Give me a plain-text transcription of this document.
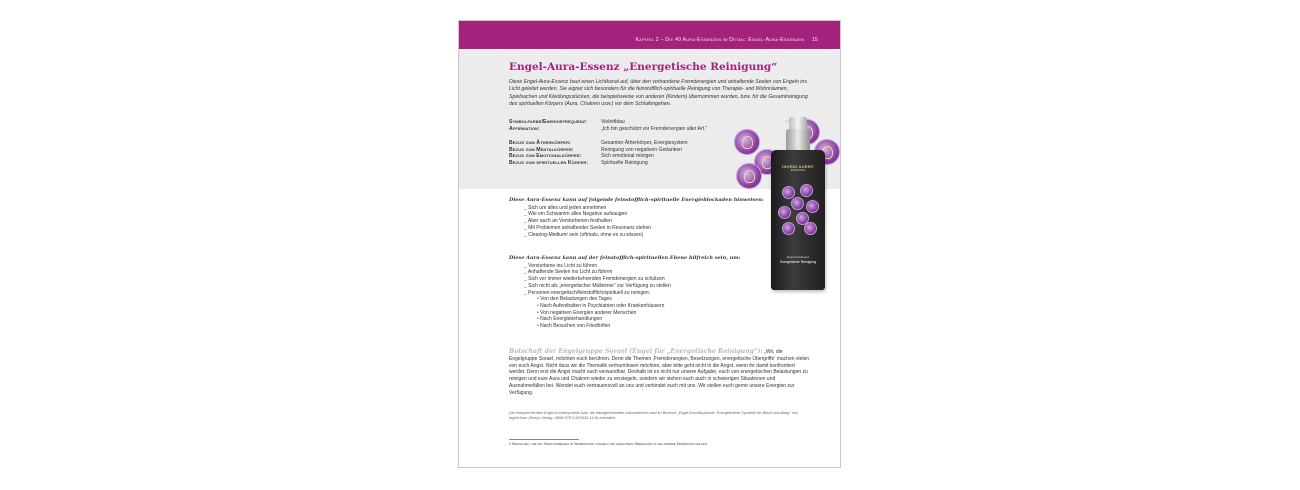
Kapitel 2 – Die 40 Aura-Essenzen im Detail: Engel-Aura-Essenzen 15
Engel-Aura-Essenz „Energetische Reinigung“
Diese Engel-Aura-Essenz baut einen Lichtkanal auf, über den vorhandene Fremdenergien und anhaftende Seelen von Engeln ins Licht geleitet werden. Sie eignet sich besonders für die feinstofflich-spirituelle Reinigung von Therapie- und Wohnräumen, Spielsachen und Kleidungsstücken, die beispielsweise von anderen (Kindern) übernommen wurden, bzw. für die Gesamtreinigung des spirituellen Körpers (Aura, Chakren usw.) vor dem Schlafengehen.
Symbolfarbe/Energiefrequenz:	Violettblau
Affirmation:	„Ich bin geschützt vor Fremdenergien aller Art.“
Bezug zum Ätherkörper:	Gesamter Ätherkörper, Energiesystem
Bezug zum Mentalkörper:	Reinigung von negativen Gedanken
Bezug zum Emotionalkörper:	Sich emotional reinigen
Bezug zum spirituellen Körper:	Spirituelle Reinigung
INGRID AUER®
ESSENCES
Engel-Aura-Essenz
Energetische Reinigung
Diese Aura-Essenz kann auf folgende feinstofflich-spirituelle Energieblockaden hinweisen:
_ Sich um alles und jeden annehmen
_ Wie ein Schwamm alles Negative aufsaugen
_ Aber auch an Verstorbenen festhalten
_ Mit Problemen anhaftender Seelen in Resonanz stehen
_ Clearing-Medium² sein (oftmals, ohne es zu wissen)
Diese Aura-Essenz kann auf der feinstofflich-spirituellen Ebene hilfreich sein, um:
_ Verstorbene ins Licht zu führen
_ Anhaftende Seelen ins Licht zu führen
_ Sich vor immer wiederkehrenden Fremdenergien zu schützen
_ Sich nicht als „energetischer Mülleimer“ zur Verfügung zu stellen
_ Personen energetisch/feinstofflich/spirituell zu reinigen:
• Von den Belastungen des Tages
• Nach Aufenthalten in Psychiatrien oder Krankenhäusern
• Von negativen Energien anderer Menschen
• Nach Energiebehandlungen
• Nach Besuchen von Friedhöfen
Botschaft der Engelgruppe Sorael (Engel für „Energetische Reinigung“): „Wir, die Engelgruppe Sorael, möchten euch berühren. Denn die Themen ‚Fremdenergien, Besetzungen, energetische Übergriffe‘ machen vielen von euch Angst. Nicht dass wir die Thematik verharmlosen möchten, aber bitte geht nicht in die Angst, wenn ihr damit konfrontiert werdet. Denn erst die Angst macht euch verwundbar. Deshalb ist es nicht nur unsere Aufgabe, euch von energetischen Belastungen zu reinigen und eure Aura und Chakren wieder zu versiegeln, sondern wir stehen euch auch in schwierigen Situationen und Ausnahmefällen bei. Wendet euch vertrauensvoll an uns und verbindet euch mit uns. Wir stellen euch gerne unsere Energien zur Verfügung.
Die entsprechenden Engel-Kombisymbole bzw. die dazugehörenden Informationen sind im Buchset „Engel-Kombisymbole. Energetisierte Symbole für Beruf und Alltag“ von Ingrid Auer (Ekeyo-Verlag, ISBN 978-3-902636-14-8) enthalten.
2 Menschen, die mit Verstorbenen in Verbindung stehen und ihnen beim Übergang in die andere Dimension helfen.
